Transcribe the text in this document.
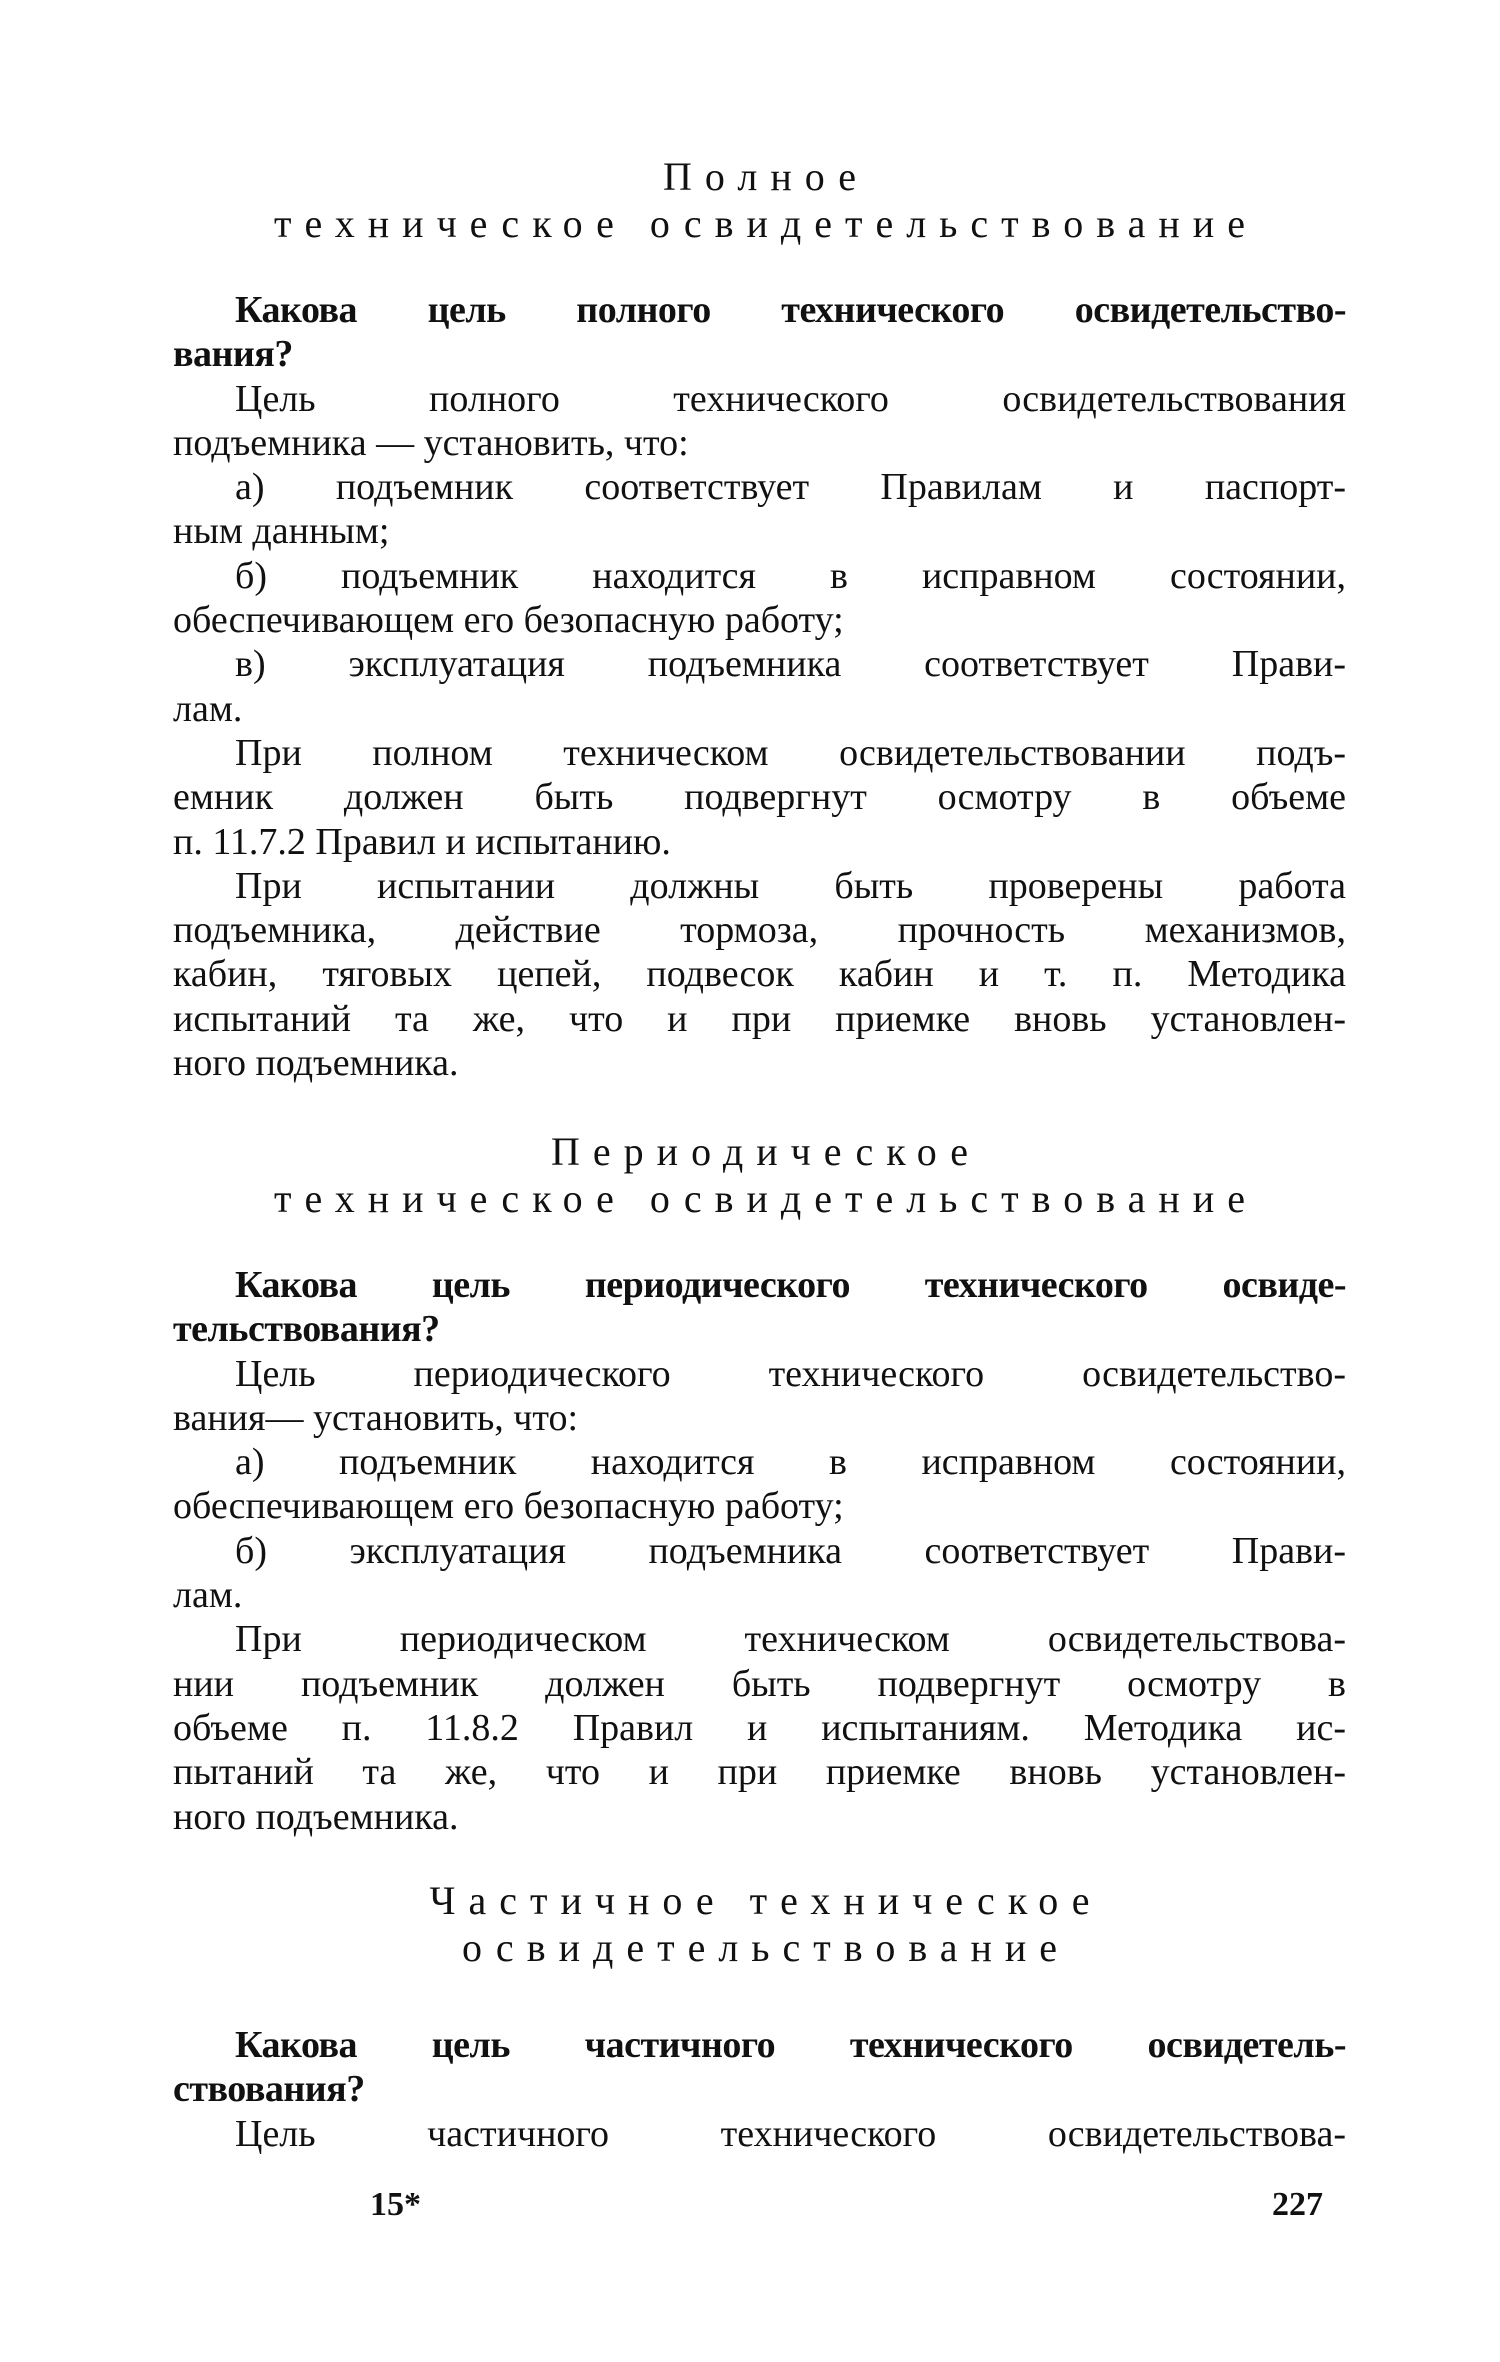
Полное
техническое освидетельствование
Какова цель полного технического освидетельство-
вания?
Цель полного технического освидетельствования
подъемника — установить, что:
а) подъемник соответствует Правилам и паспорт-
ным данным;
б) подъемник находится в исправном состоянии,
обеспечивающем его безопасную работу;
в) эксплуатация подъемника соответствует Прави-
лам.
При полном техническом освидетельствовании подъ-
емник должен быть подвергнут осмотру в объеме
п. 11.7.2 Правил и испытанию.
При испытании должны быть проверены работа
подъемника, действие тормоза, прочность механизмов,
кабин, тяговых цепей, подвесок кабин и т. п. Методика
испытаний та же, что и при приемке вновь установлен-
ного подъемника.
Периодическое
техническое освидетельствование
Какова цель периодического технического освиде-
тельствования?
Цель периодического технического освидетельство-
вания— установить, что:
а) подъемник находится в исправном состоянии,
обеспечивающем его безопасную работу;
б) эксплуатация подъемника соответствует Прави-
лам.
При периодическом техническом освидетельствова-
нии подъемник должен быть подвергнут осмотру в
объеме п. 11.8.2 Правил и испытаниям. Методика ис-
пытаний та же, что и при приемке вновь установлен-
ного подъемника.
Частичное техническое
освидетельствование
Какова цель частичного технического освидетель-
ствования?
Цель частичного технического освидетельствова-
15*	227
